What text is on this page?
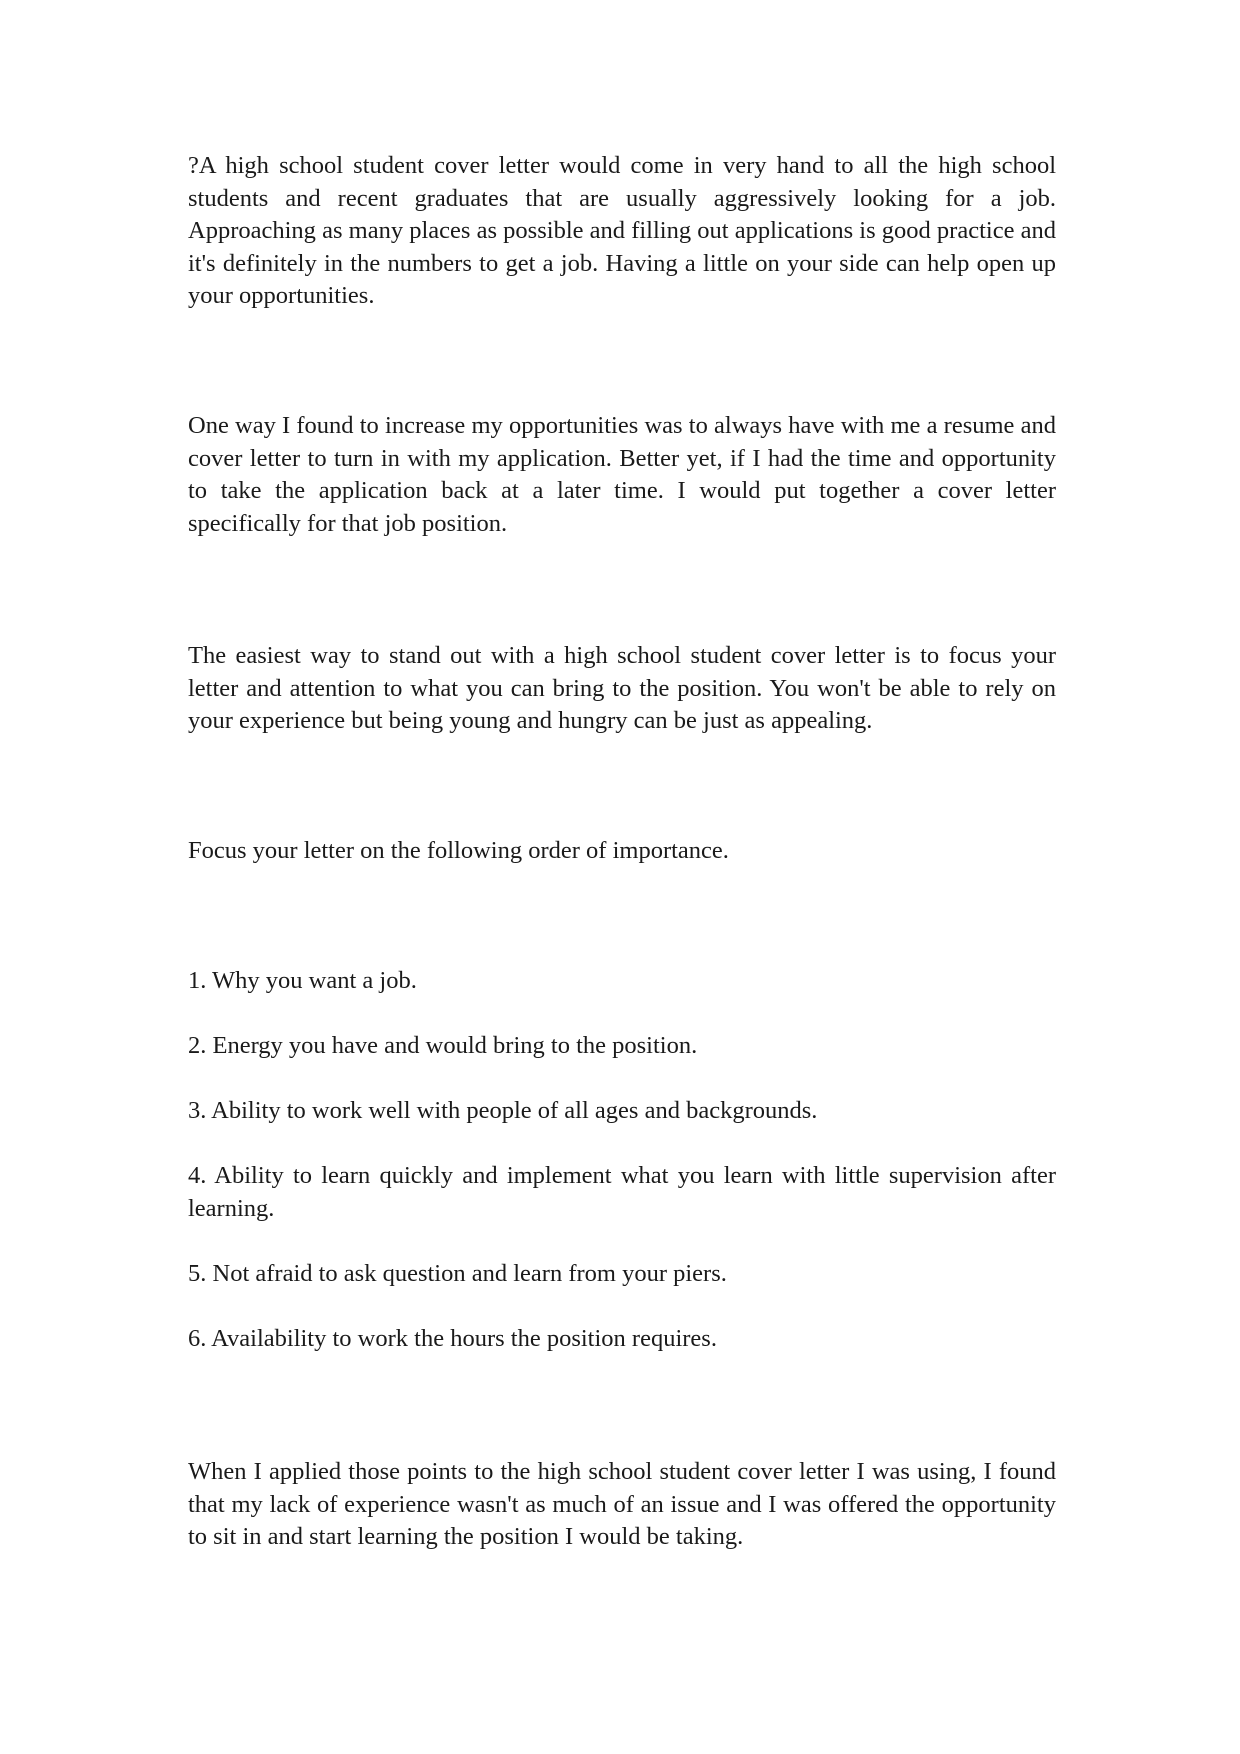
?A high school student cover letter would come in very hand to all the high school students and recent graduates that are usually aggressively looking for a job. Approaching as many places as possible and filling out applications is good practice and it's definitely in the numbers to get a job. Having a little on your side can help open up your opportunities.

One way I found to increase my opportunities was to always have with me a resume and cover letter to turn in with my application. Better yet, if I had the time and opportunity to take the application back at a later time. I would put together a cover letter specifically for that job position.

The easiest way to stand out with a high school student cover letter is to focus your letter and attention to what you can bring to the position. You won't be able to rely on your experience but being young and hungry can be just as appealing.

Focus your letter on the following order of importance.

1. Why you want a job.

2. Energy you have and would bring to the position.

3. Ability to work well with people of all ages and backgrounds.

4. Ability to learn quickly and implement what you learn with little supervision after learning.

5. Not afraid to ask question and learn from your piers.

6. Availability to work the hours the position requires.

When I applied those points to the high school student cover letter I was using, I found that my lack of experience wasn't as much of an issue and I was offered the opportunity to sit in and start learning the position I would be taking.
